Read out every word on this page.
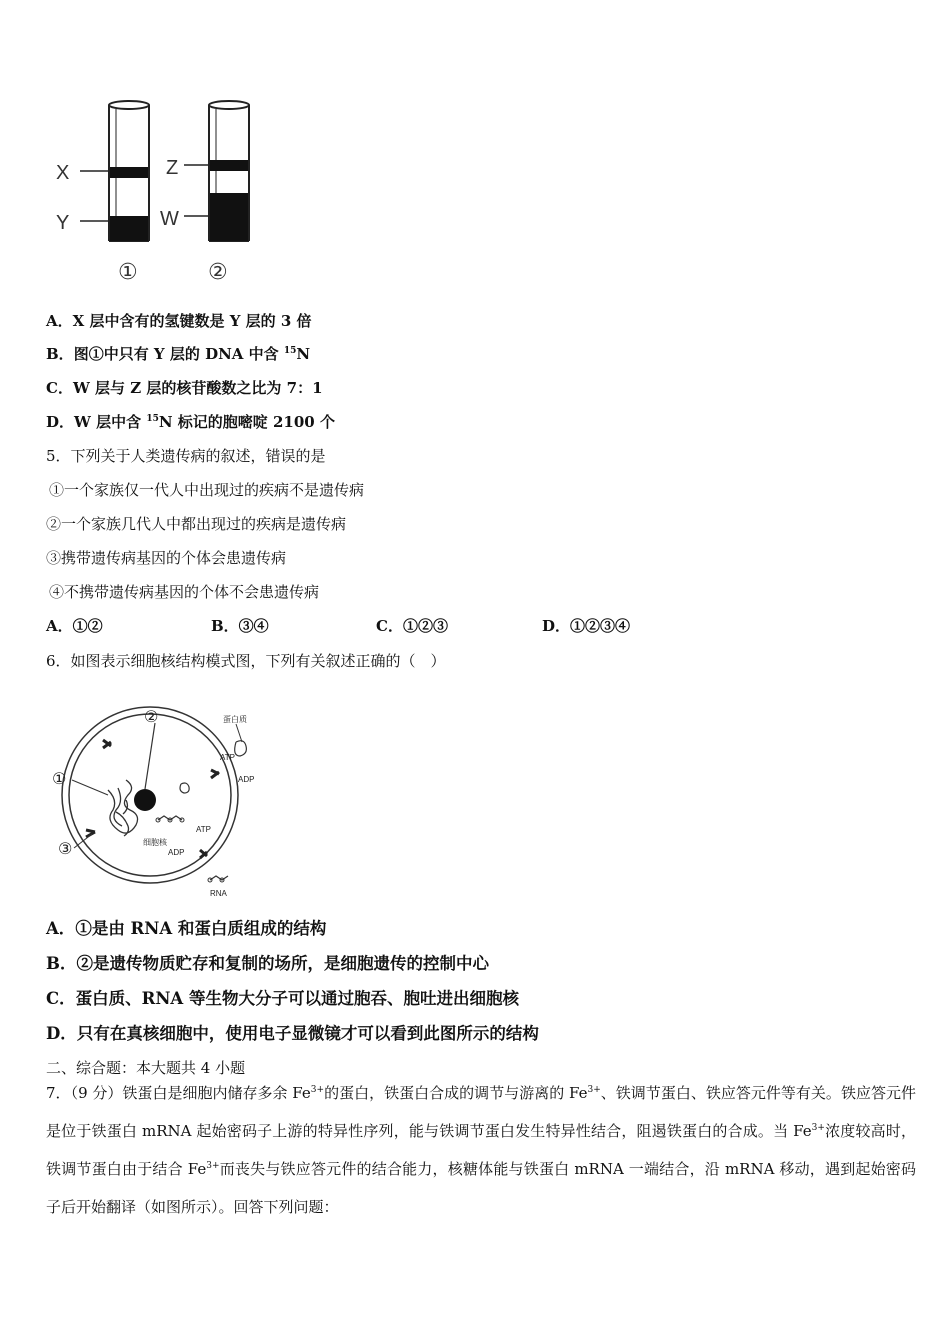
X
Y
Z
W
①	②
A．X 层中含有的氢键数是 Y 层的 3 倍
B．图①中只有 Y 层的 DNA 中含 $^{15}$N
C．W 层与 Z 层的核苷酸数之比为 7：1
D．W 层中含 $^{15}$N 标记的胞嘧啶 2100 个
5．下列关于人类遗传病的叙述，错误的是
①一个家族仅一代人中出现过的疾病不是遗传病
②一个家族几代人中都出现过的疾病是遗传病
③携带遗传病基因的个体会患遗传病
④不携带遗传病基因的个体不会患遗传病
A．①②	B．③④	C．①②③	D．①②③④
6．如图表示细胞核结构模式图，下列有关叙述正确的（　）
②
①
③
蛋白质
ATP
ADP
ATP
ADP
细胞核
RNA
A．①是由 RNA 和蛋白质组成的结构
B．②是遗传物质贮存和复制的场所，是细胞遗传的控制中心
C．蛋白质、RNA 等生物大分子可以通过胞吞、胞吐进出细胞核
D．只有在真核细胞中，使用电子显微镜才可以看到此图所示的结构
二、综合题：本大题共 4 小题
7．（9 分）铁蛋白是细胞内储存多余 $Fe^{3+}$的蛋白，铁蛋白合成的调节与游离的 $Fe^{3+}$、铁调节蛋白、铁应答元件等有关。铁应答元件是位于铁蛋白 mRNA 起始密码子上游的特异性序列，能与铁调节蛋白发生特异性结合，阻遏铁蛋白的合成。当 $Fe^{3+}$浓度较高时，铁调节蛋白由于结合 $Fe^{3+}$而丧失与铁应答元件的结合能力，核糖体能与铁蛋白 mRNA 一端结合，沿 mRNA 移动，遇到起始密码子后开始翻译（如图所示）。回答下列问题：
